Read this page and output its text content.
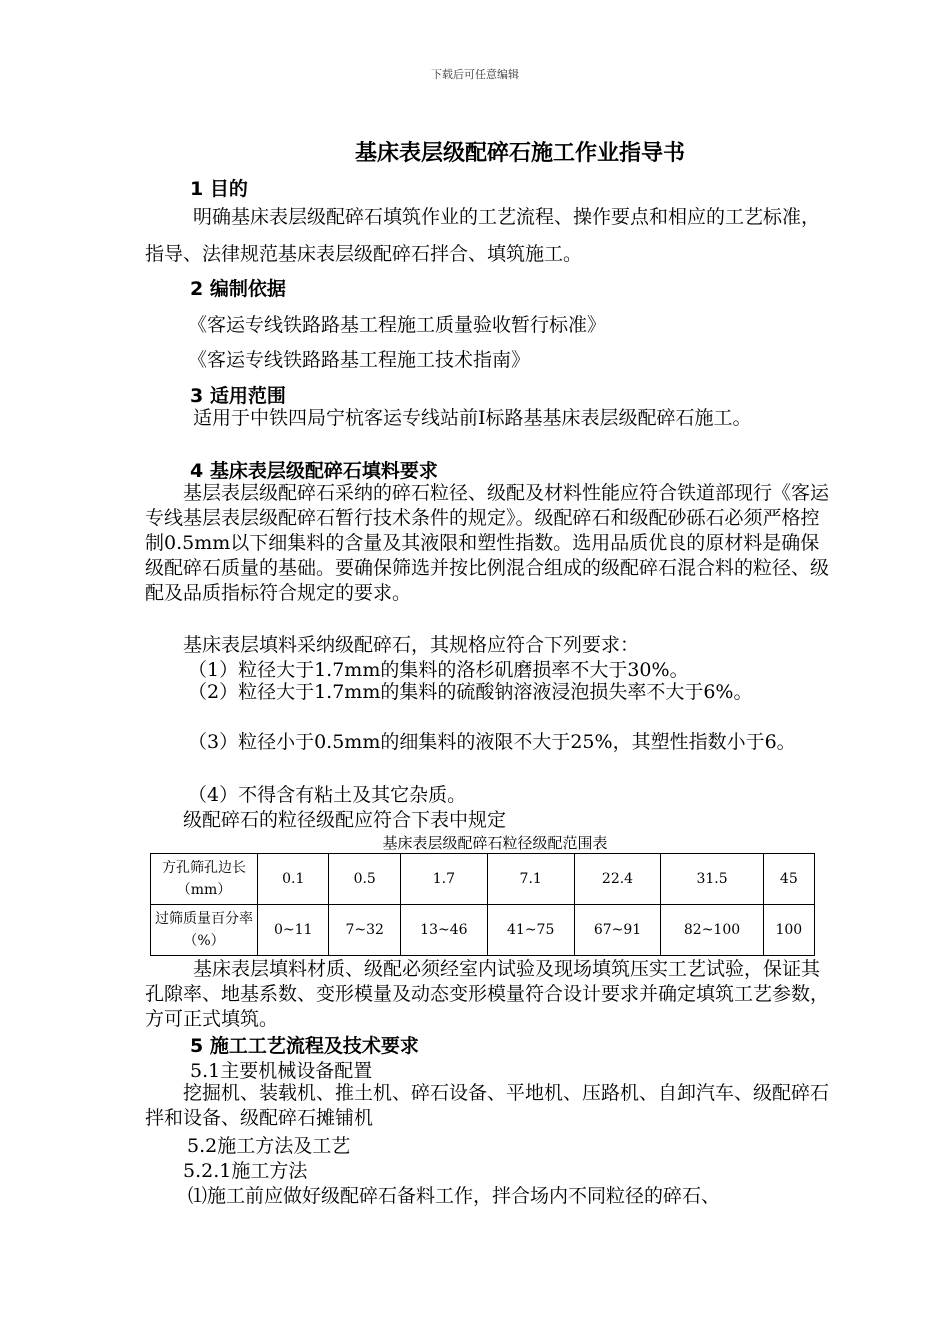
下载后可任意编辑
基床表层级配碎石施工作业指导书
1 目的
明确基床表层级配碎石填筑作业的工艺流程、操作要点和相应的工艺标准，指导、法律规范基床表层级配碎石拌合、填筑施工。
2 编制依据
《客运专线铁路路基工程施工质量验收暂行标准》
《客运专线铁路路基工程施工技术指南》
3 适用范围
适用于中铁四局宁杭客运专线站前Ⅰ标路基基床表层级配碎石施工。
4 基床表层级配碎石填料要求
基层表层级配碎石采纳的碎石粒径、级配及材料性能应符合铁道部现行《客运专线基层表层级配碎石暂行技术条件的规定》。级配碎石和级配砂砾石必须严格控制0.5mm以下细集料的含量及其液限和塑性指数。选用品质优良的原材料是确保级配碎石质量的基础。要确保筛选并按比例混合组成的级配碎石混合料的粒径、级配及品质指标符合规定的要求。
基床表层填料采纳级配碎石，其规格应符合下列要求：
（1）粒径大于1.7mm的集料的洛杉矶磨损率不大于30%。
（2）粒径大于1.7mm的集料的硫酸钠溶液浸泡损失率不大于6%。
（3）粒径小于0.5mm的细集料的液限不大于25%，其塑性指数小于6。
（4）不得含有粘土及其它杂质。
级配碎石的粒径级配应符合下表中规定
基床表层级配碎石粒径级配范围表
方孔筛孔边长（mm）	0.1	0.5	1.7	7.1	22.4	31.5	45
过筛质量百分率（%）	0~11	7~32	13~46	41~75	67~91	82~100	100
基床表层填料材质、级配必须经室内试验及现场填筑压实工艺试验，保证其孔隙率、地基系数、变形模量及动态变形模量符合设计要求并确定填筑工艺参数，方可正式填筑。
5 施工工艺流程及技术要求
5.1主要机械设备配置
挖掘机、装载机、推土机、碎石设备、平地机、压路机、自卸汽车、级配碎石拌和设备、级配碎石摊铺机
5.2施工方法及工艺
5.2.1施工方法
⑴施工前应做好级配碎石备料工作，拌合场内不同粒径的碎石、
